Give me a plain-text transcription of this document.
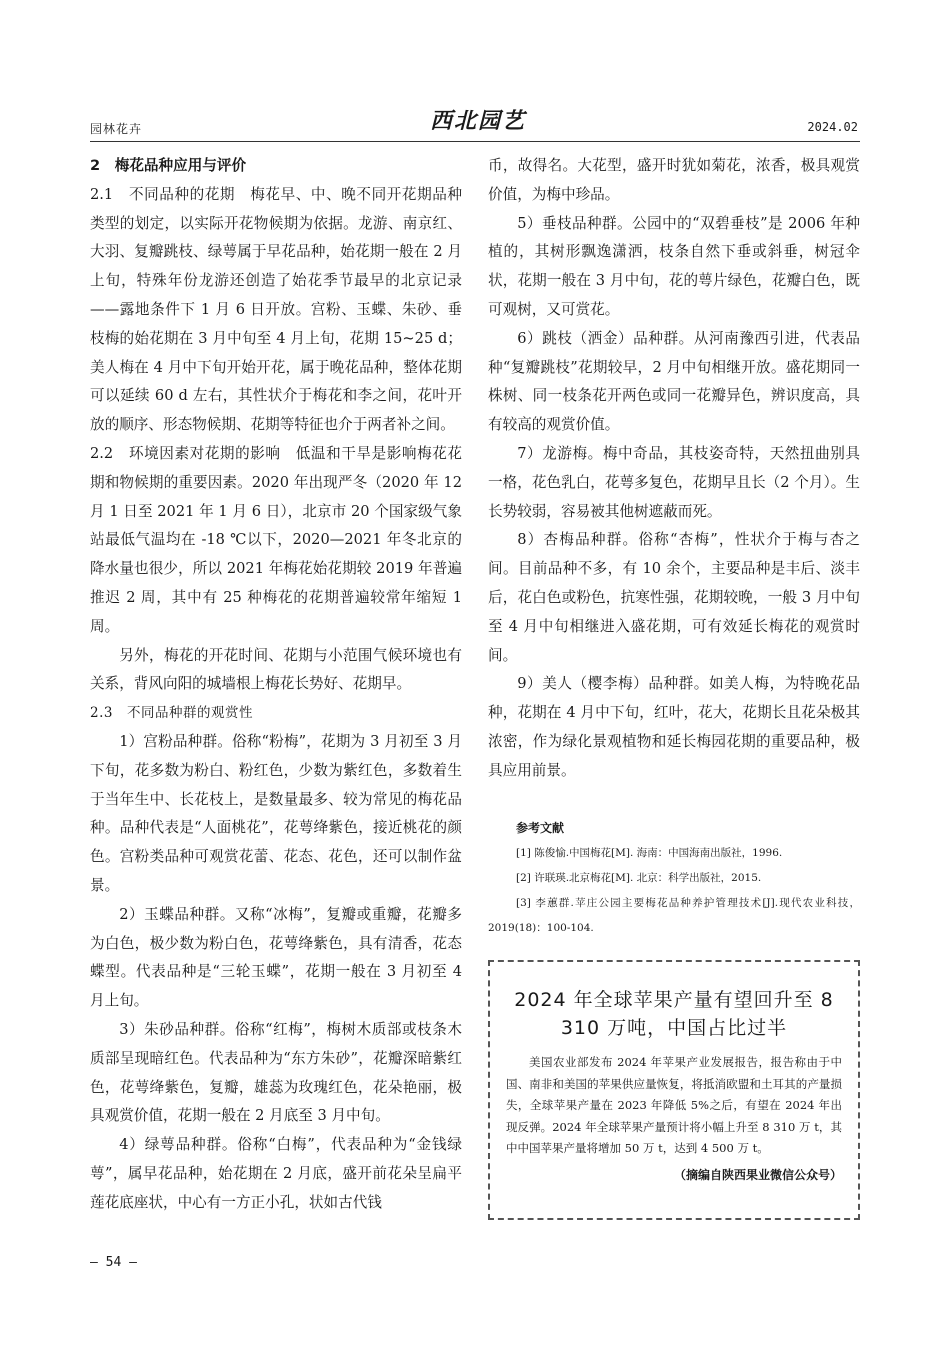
园林花卉	西北园艺	2024.02

2　梅花品种应用与评价

2.1　不同品种的花期　梅花早、中、晚不同开花期品种类型的划定，以实际开花物候期为依据。龙游、南京红、大羽、复瓣跳枝、绿萼属于早花品种，始花期一般在 2 月上旬，特殊年份龙游还创造了始花季节最早的北京记录——露地条件下 1 月 6 日开放。宫粉、玉蝶、朱砂、垂枝梅的始花期在 3 月中旬至 4 月上旬，花期 15~25 d；美人梅在 4 月中下旬开始开花，属于晚花品种，整体花期可以延续 60 d 左右，其性状介于梅花和李之间，花叶开放的顺序、形态物候期、花期等特征也介于两者补之间。

2.2　环境因素对花期的影响　低温和干旱是影响梅花花期和物候期的重要因素。2020 年出现严冬（2020 年 12 月 1 日至 2021 年 1 月 6 日），北京市 20 个国家级气象站最低气温均在 -18 ℃以下，2020—2021 年冬北京的降水量也很少，所以 2021 年梅花始花期较 2019 年普遍推迟 2 周，其中有 25 种梅花的花期普遍较常年缩短 1 周。

另外，梅花的开花时间、花期与小范围气候环境也有关系，背风向阳的城墙根上梅花长势好、花期早。

2.3　不同品种群的观赏性

1）宫粉品种群。俗称“粉梅”，花期为 3 月初至 3 月下旬，花多数为粉白、粉红色，少数为紫红色，多数着生于当年生中、长花枝上，是数量最多、较为常见的梅花品种。品种代表是“人面桃花”，花萼绛紫色，接近桃花的颜色。宫粉类品种可观赏花蕾、花态、花色，还可以制作盆景。

2）玉蝶品种群。又称“冰梅”，复瓣或重瓣，花瓣多为白色，极少数为粉白色，花萼绛紫色，具有清香，花态蝶型。代表品种是“三轮玉蝶”，花期一般在 3 月初至 4 月上旬。

3）朱砂品种群。俗称“红梅”，梅树木质部或枝条木质部呈现暗红色。代表品种为“东方朱砂”，花瓣深暗紫红色，花萼绛紫色，复瓣，雄蕊为玫瑰红色，花朵艳丽，极具观赏价值，花期一般在 2 月底至 3 月中旬。

4）绿萼品种群。俗称“白梅”，代表品种为“金钱绿萼”，属早花品种，始花期在 2 月底，盛开前花朵呈扁平莲花底座状，中心有一方正小孔，状如古代钱

币，故得名。大花型，盛开时犹如菊花，浓香，极具观赏价值，为梅中珍品。

5）垂枝品种群。公园中的“双碧垂枝”是 2006 年种植的，其树形飘逸潇洒，枝条自然下垂或斜垂，树冠伞状，花期一般在 3 月中旬，花的萼片绿色，花瓣白色，既可观树，又可赏花。

6）跳枝（洒金）品种群。从河南豫西引进，代表品种“复瓣跳枝”花期较早，2 月中旬相继开放。盛花期同一株树、同一枝条花开两色或同一花瓣异色，辨识度高，具有较高的观赏价值。

7）龙游梅。梅中奇品，其枝姿奇特，天然扭曲别具一格，花色乳白，花萼多复色，花期早且长（2 个月）。生长势较弱，容易被其他树遮蔽而死。

8）杏梅品种群。俗称“杏梅”，性状介于梅与杏之间。目前品种不多，有 10 余个，主要品种是丰后、淡丰后，花白色或粉色，抗寒性强，花期较晚，一般 3 月中旬至 4 月中旬相继进入盛花期，可有效延长梅花的观赏时间。

9）美人（樱李梅）品种群。如美人梅，为特晚花品种，花期在 4 月中下旬，红叶，花大，花期长且花朵极其浓密，作为绿化景观植物和延长梅园花期的重要品种，极具应用前景。

参考文献
[1] 陈俊愉.中国梅花[M]. 海南：中国海南出版社，1996.
[2] 许联瑛.北京梅花[M]. 北京：科学出版社，2015.
[3] 李蕙群.苹庄公园主要梅花品种养护管理技术[J].现代农业科技，2019(18)：100-104.

2024 年全球苹果产量有望回升至 8 310 万吨，中国占比过半

美国农业部发布 2024 年苹果产业发展报告，报告称由于中国、南非和美国的苹果供应量恢复，将抵消欧盟和土耳其的产量损失，全球苹果产量在 2023 年降低 5%之后，有望在 2024 年出现反弹。2024 年全球苹果产量预计将小幅上升至 8 310 万 t，其中中国苹果产量将增加 50 万 t，达到 4 500 万 t。

（摘编自陕西果业微信公众号）
— 54 —
